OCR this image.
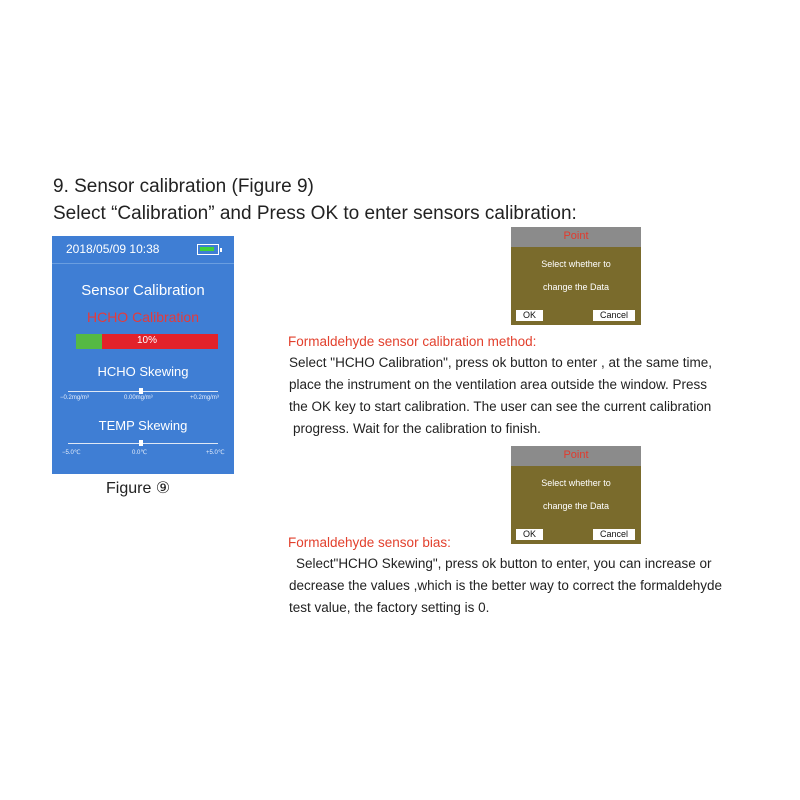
9. Sensor calibration (Figure 9)
Select “Calibration” and Press OK to enter sensors calibration:
2018/05/09 10:38
Sensor Calibration
HCHO Calibration
10%
HCHO Skewing
−0.2mg/m³	0.00mg/m³	+0.2mg/m³
TEMP Skewing
−5.0℃	0.0℃	+5.0℃
Figure ⑨
Point
Select whether to
change the Data
OK	Cancel
Formaldehyde sensor calibration method:
Select "HCHO Calibration", press ok button to enter , at the same time,
place the instrument on the ventilation area outside the window. Press
the OK key to start calibration. The user can see the current calibration
progress. Wait for the calibration to finish.
Point
Select whether to
change the Data
OK	Cancel
Formaldehyde sensor bias:
Select"HCHO Skewing", press ok button to enter, you can increase or
decrease the values ,which is the better way to correct the formaldehyde
test value, the factory setting is 0.
